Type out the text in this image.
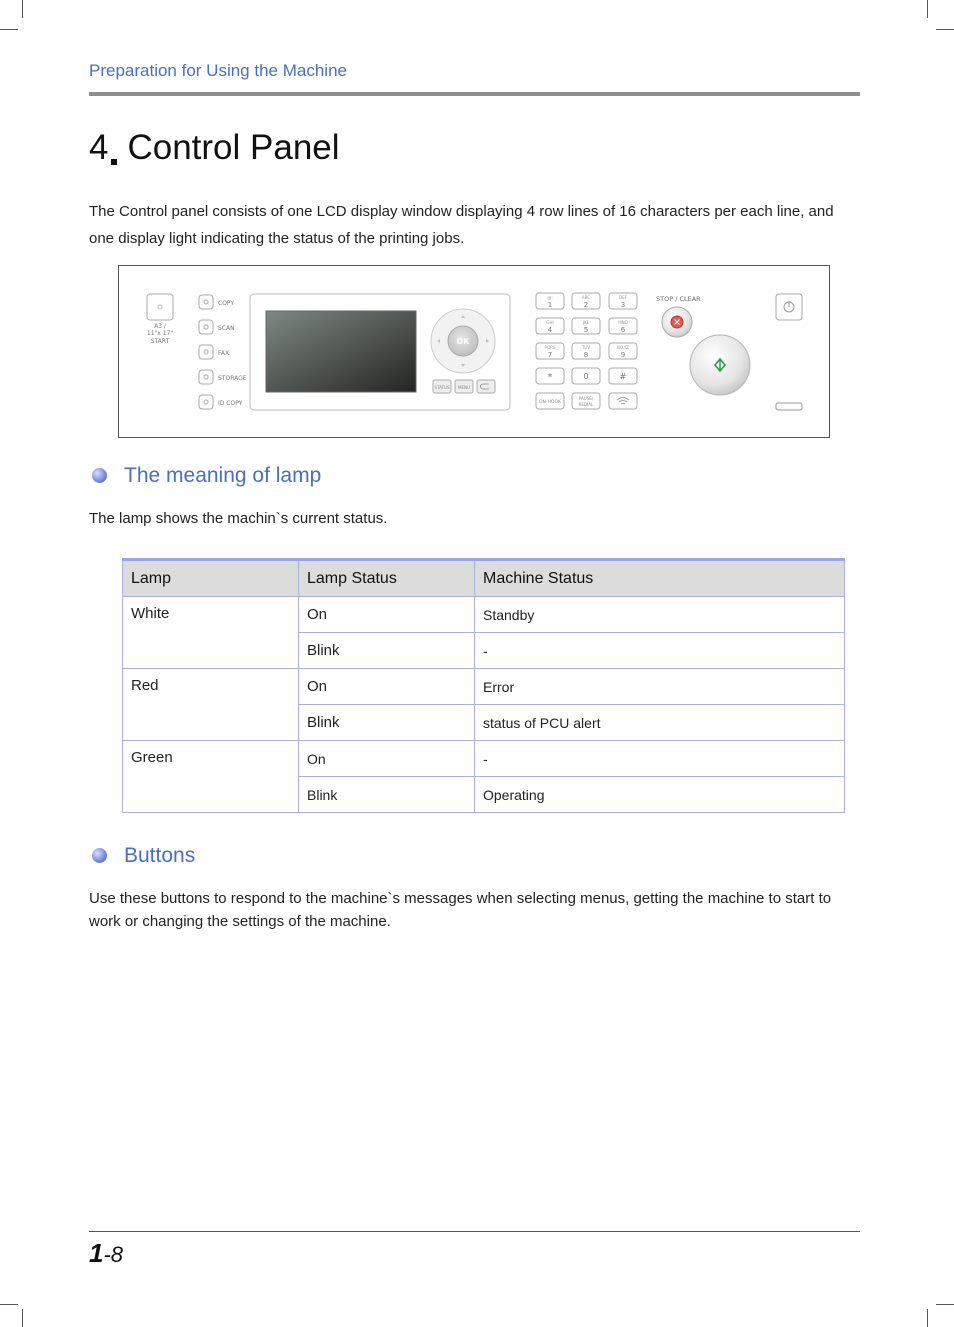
Preparation for Using the Machine
4 Control Panel
The Control panel consists of one LCD display window displaying 4 row lines of 16 characters per each line, and one display light indicating the status of the printing jobs.
A3 /
11"x 17"
START
COPY
SCAN
FAX
STORAGE
ID COPY
OK
STATUS MENU
@:
1
ABC
2
DEF
3
GHI
4
JKL
5
MNO
6
PQRS
7
TUV
8
WXYZ
9
*	0	#
ON-HOOK
PAUSE/
REDIAL
STOP / CLEAR
The meaning of lamp
The lamp shows the machin`s current status.
Lamp	Lamp Status	Machine Status
White	On	Standby
	Blink	-
Red	On	Error
	Blink	status of PCU alert
Green	On	-
	Blink	Operating
Buttons
Use these buttons to respond to the machine`s messages when selecting menus, getting the machine to start to work or changing the settings of the machine.
1-8
